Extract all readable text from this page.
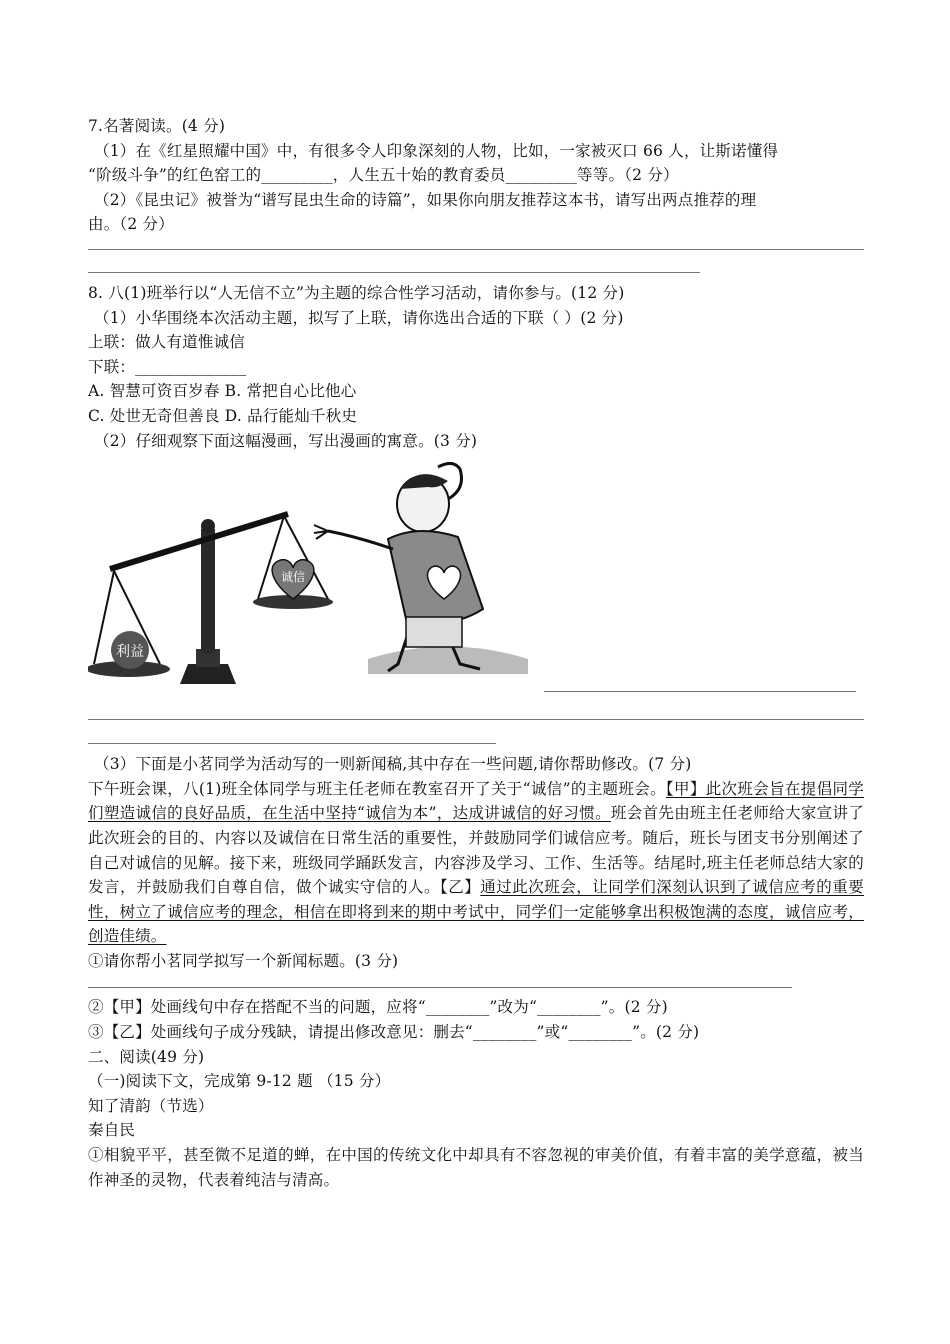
7.名著阅读。(4 分)
（1）在《红星照耀中国》中，有很多令人印象深刻的人物，比如，一家被灭口 66 人，让斯诺懂得
“阶级斗争”的红色窑工的_________，人生五十始的教育委员_________等等。（2 分）
（2）《昆虫记》被誉为“谱写昆虫生命的诗篇”，如果你向朋友推荐这本书，请写出两点推荐的理
由。（2 分）
8. 八(1)班举行以“人无信不立”为主题的综合性学习活动，请你参与。(12 分)
（1）小华围绕本次活动主题，拟写了上联，请你选出合适的下联（ ）(2 分)
上联：做人有道惟诚信
下联：______________
A. 智慧可资百岁春 B. 常把自心比他心
C. 处世无奇但善良 D. 品行能灿千秋史
（2）仔细观察下面这幅漫画，写出漫画的寓意。(3 分)
利益
诚信
（3）下面是小茗同学为活动写的一则新闻稿,其中存在一些问题,请你帮助修改。(7 分)
下午班会课，八(1)班全体同学与班主任老师在教室召开了关于“诚信”的主题班会。【甲】此次班会旨在提倡同学们塑造诚信的良好品质，在生活中坚持“诚信为本”，达成讲诚信的好习惯。班会首先由班主任老师给大家宣讲了此次班会的目的、内容以及诚信在日常生活的重要性，并鼓励同学们诚信应考。随后，班长与团支书分别阐述了自己对诚信的见解。接下来，班级同学踊跃发言，内容涉及学习、工作、生活等。结尾时,班主任老师总结大家的发言，并鼓励我们自尊自信，做个诚实守信的人。【乙】通过此次班会，让同学们深刻认识到了诚信应考的重要性，树立了诚信应考的理念，相信在即将到来的期中考试中，同学们一定能够拿出积极饱满的态度，诚信应考，创造佳绩。
①请你帮小茗同学拟写一个新闻标题。(3 分)
②【甲】处画线句中存在搭配不当的问题，应将“________”改为“________”。(2 分)
③【乙】处画线句子成分残缺，请提出修改意见：删去“________”或“________”。(2 分)
二、阅读(49 分)
（一)阅读下文，完成第 9-12 题 （15 分）
知了清韵（节选）
秦自民
①相貌平平，甚至微不足道的蝉，在中国的传统文化中却具有不容忽视的审美价值，有着丰富的美学意蕴，被当作神圣的灵物，代表着纯洁与清高。
